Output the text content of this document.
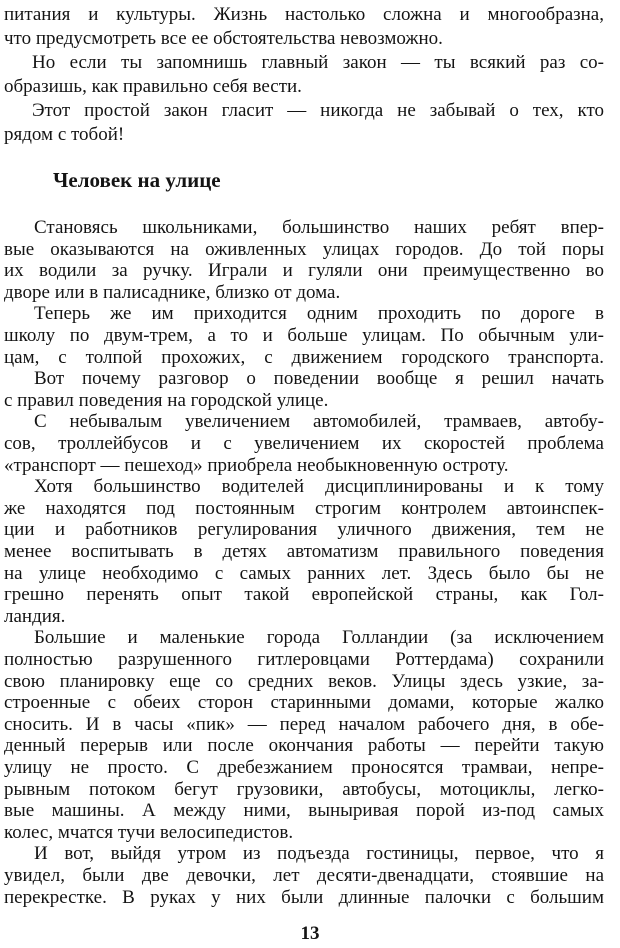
питания и культуры. Жизнь настолько сложна и многообразна,
что предусмотреть все ее обстоятельства невозможно.
Но если ты запомнишь главный закон — ты всякий раз со-
образишь, как правильно себя вести.
Этот простой закон гласит — никогда не забывай о тех, кто
рядом с тобой!
Человек на улице
Становясь школьниками, большинство наших ребят впер-
вые оказываются на оживленных улицах городов. До той поры
их водили за ручку. Играли и гуляли они преимущественно во
дворе или в палисаднике, близко от дома.
Теперь же им приходится одним проходить по дороге в
школу по двум-трем, а то и больше улицам. По обычным ули-
цам, с толпой прохожих, с движением городского транспорта.
Вот почему разговор о поведении вообще я решил начать
с правил поведения на городской улице.
С небывалым увеличением автомобилей, трамваев, автобу-
сов, троллейбусов и с увеличением их скоростей проблема
«транспорт — пешеход» приобрела необыкновенную остроту.
Хотя большинство водителей дисциплинированы и к тому
же находятся под постоянным строгим контролем автоинспек-
ции и работников регулирования уличного движения, тем не
менее воспитывать в детях автоматизм правильного поведения
на улице необходимо с самых ранних лет. Здесь было бы не
грешно перенять опыт такой европейской страны, как Гол-
ландия.
Большие и маленькие города Голландии (за исключением
полностью разрушенного гитлеровцами Роттердама) сохранили
свою планировку еще со средних веков. Улицы здесь узкие, за-
строенные с обеих сторон старинными домами, которые жалко
сносить. И в часы «пик» — перед началом рабочего дня, в обе-
денный перерыв или после окончания работы — перейти такую
улицу не просто. С дребезжанием проносятся трамваи, непре-
рывным потоком бегут грузовики, автобусы, мотоциклы, легко-
вые машины. А между ними, выныривая порой из-под самых
колес, мчатся тучи велосипедистов.
И вот, выйдя утром из подъезда гостиницы, первое, что я
увидел, были две девочки, лет десяти-двенадцати, стоявшие на
перекрестке. В руках у них были длинные палочки с большим
13
